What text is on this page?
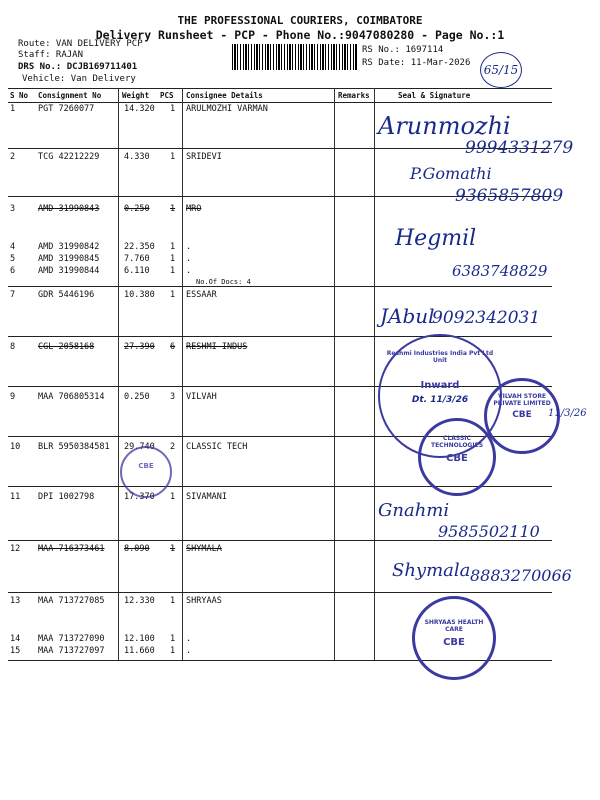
THE PROFESSIONAL COURIERS, COIMBATORE
Delivery Runsheet - PCP - Phone No.:9047080280 - Page No.:1
Route: VAN DELIVERY PCP
Staff: RAJAN
DRS No.: DCJB169711401
Vehicle: Van Delivery
RS No.: 1697114
RS Date: 11-Mar-2026	65/15
S No Consignment No	Weight PCS Consignee Details	Remarks	Seal & Signature
1	PGT 7260077	14.320 1 ARULMOZHI VARMAN
2	TCG 42212229	4.330 1 SRIDEVI
3	AMD 31990843	0.250 1 MRO
4	AMD 31990842	22.350 1 .
5	AMD 31990845	7.760 1 .
6	AMD 31990844	6.110 1 .
7	GDR 5446196	10.380 1 ESSAAR
8	CGL 2058168	27.390 6 RESHMI INDUS
9	MAA 706805314 0.250 3 VILVAH
10 BLR 5950384581 29.740 2 CLASSIC TECH
11 DPI 1002798	17.370 1 SIVAMANI
12 MAA 716373461 8.090 1 SHYMALA
13 MAA 713727085 12.330 1 SHRYAAS
14 MAA 713727090 12.100 1 .
15 MAA 713727097 11.660 1 .
No.Of Docs: 4
Arunmozhi
9994331279
P.Gomathi
9365857809
Hegmil
6383748829
JAbul
9092342031
Gnahmi
9585502110
Shymala 8883270066
Reshmi Industries India Pvt Ltd Unit
Inward
Dt. 11/3/26
CLASSIC TECHNOLOGIES
CBE
VILVAH STORE PRIVATE LIMITED
CBE	11/3/26
SHRYAAS HEALTH CARE
CBE
CBE
